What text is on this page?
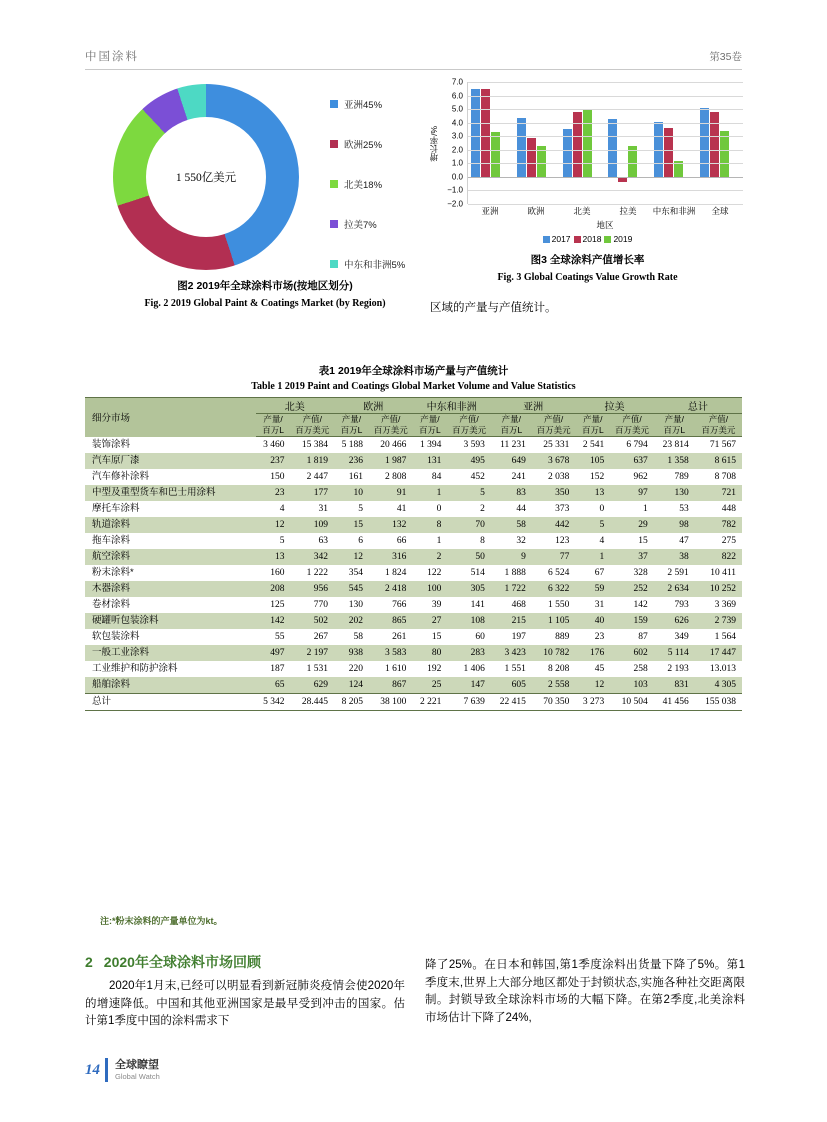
中国涂料	第35卷
1 550亿美元
亚洲45%
欧洲25%
北美18%
拉美7%
中东和非洲5%
图2 2019年全球涂料市场(按地区划分)
Fig. 2 2019 Global Paint & Coatings Market (by Region)
增长率/%
7.0
6.0
5.0
4.0
3.0
2.0
1.0
0.0
−1.0
−2.0
亚洲	欧洲	北美	拉美	中东和非洲	全球
地区
2017 2018 2019
图3 全球涂料产值增长率
Fig. 3 Global Coatings Value Growth Rate
区域的产量与产值统计。
表1 2019年全球涂料市场产量与产值统计
Table 1 2019 Paint and Coatings Global Market Volume and Value Statistics
细分市场	北美		欧洲		中东和非洲		亚洲		拉美		总计	
	产量/
百万L	产值/
百万美元	产量/
百万L	产值/
百万美元	产量/
百万L	产值/
百万美元	产量/
百万L	产值/
百万美元	产量/
百万L	产值/
百万美元	产量/
百万L	产值/
百万美元
装饰涂料	3 460	15 384	5 188	20 466	1 394	3 593	11 231	25 331	2 541	6 794	23 814	71 567
汽车原厂漆	237	1 819	236	1 987	131	495	649	3 678	105	637	1 358	8 615
汽车修补涂料	150	2 447	161	2 808	84	452	241	2 038	152	962	789	8 708
中型及重型货车和巴士用涂料	23	177	10	91	1	5	83	350	13	97	130	721
摩托车涂料	4	31	5	41	0	2	44	373	0	1	53	448
轨道涂料	12	109	15	132	8	70	58	442	5	29	98	782
拖车涂料	5	63	6	66	1	8	32	123	4	15	47	275
航空涂料	13	342	12	316	2	50	9	77	1	37	38	822
粉末涂料*	160	1 222	354	1 824	122	514	1 888	6 524	67	328	2 591	10 411
木器涂料	208	956	545	2 418	100	305	1 722	6 322	59	252	2 634	10 252
卷材涂料	125	770	130	766	39	141	468	1 550	31	142	793	3 369
硬罐听包装涂料	142	502	202	865	27	108	215	1 105	40	159	626	2 739
软包装涂料	55	267	58	261	15	60	197	889	23	87	349	1 564
一般工业涂料	497	2 197	938	3 583	80	283	3 423	10 782	176	602	5 114	17 447
工业维护和防护涂料	187	1 531	220	1 610	192	1 406	1 551	8 208	45	258	2 193	13.013
船舶涂料	65	629	124	867	25	147	605	2 558	12	103	831	4 305
总计	5 342	28.445	8 205	38 100	2 221	7 639	22 415	70 350	3 273	10 504	41 456	155 038
注:*粉末涂料的产量单位为kt。
2 2020年全球涂料市场回顾
2020年1月末,已经可以明显看到新冠肺炎疫情会使2020年的增速降低。中国和其他亚洲国家是最早受到冲击的国家。估计第1季度中国的涂料需求下
降了25%。在日本和韩国,第1季度涂料出货量下降了5%。第1季度末,世界上大部分地区都处于封锁状态,实施各种社交距离限制。封锁导致全球涂料市场的大幅下降。在第2季度,北美涂料市场估计下降了24%,
14 全球瞭望
Global Watch
